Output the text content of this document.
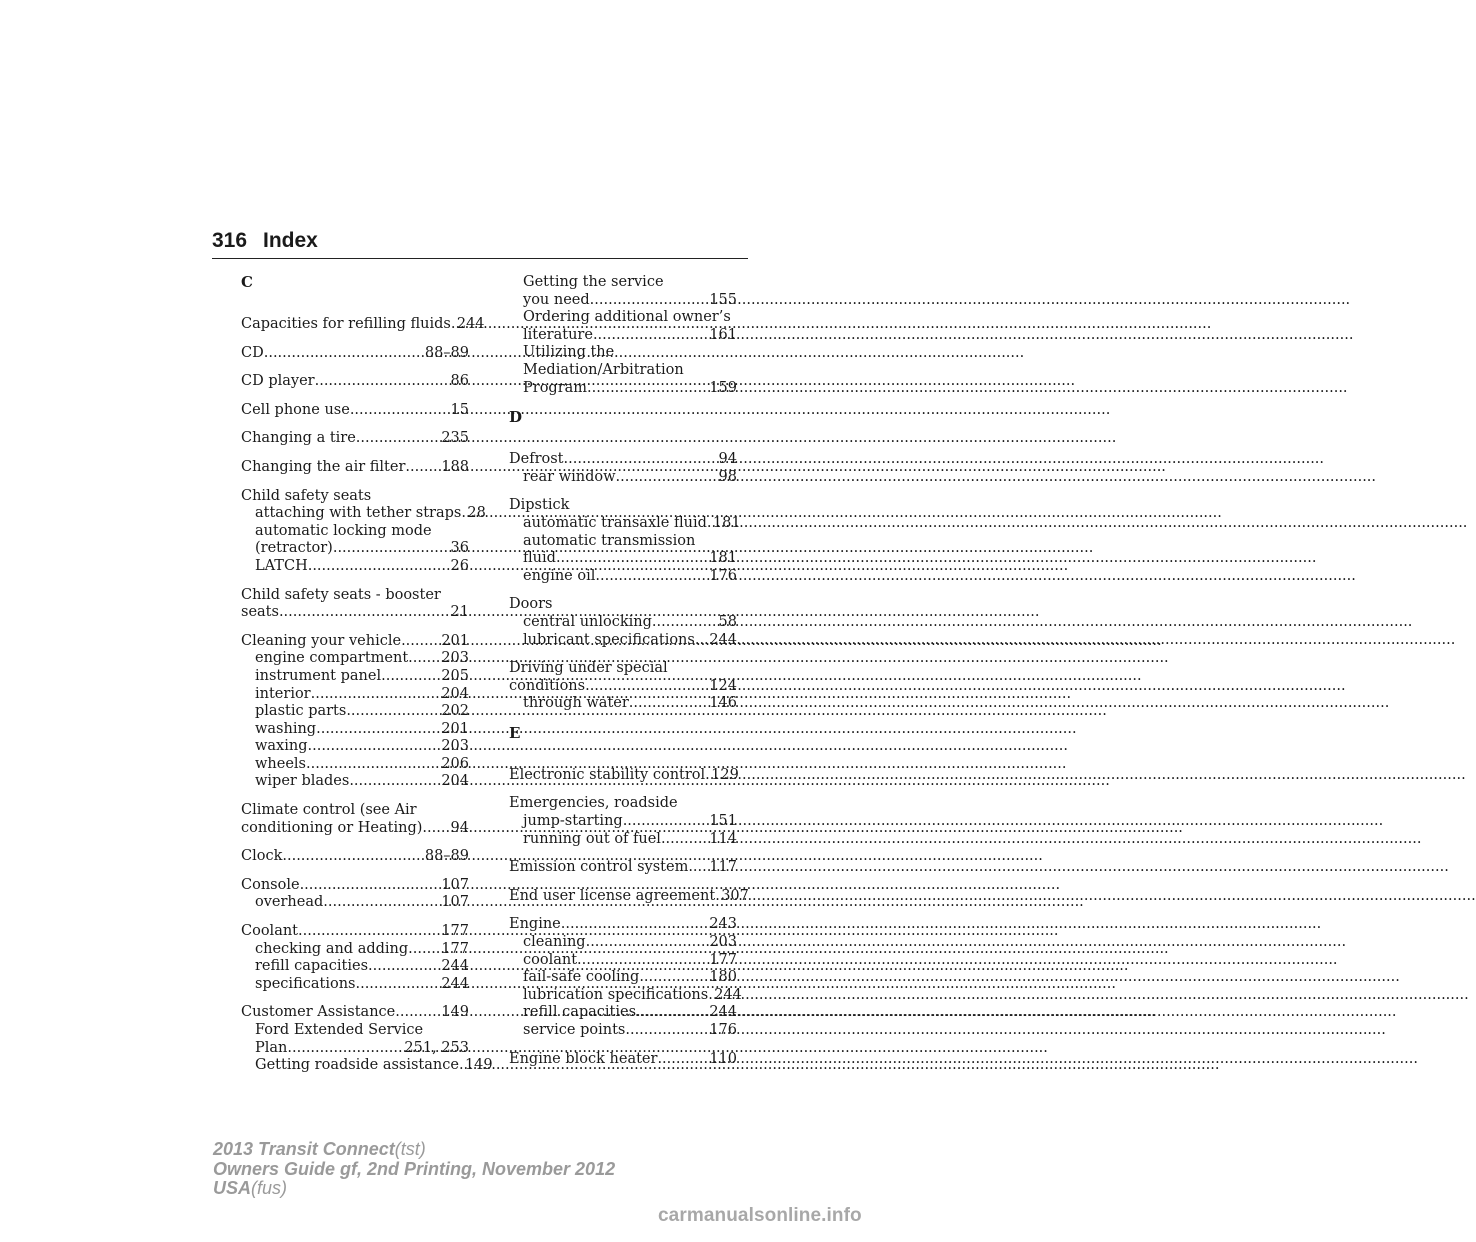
316 Index
C
Capacities for refilling fluids ..... 244
CD .....	88–89
CD player .....	86
Cell phone use .....	15
Changing a tire .....	235
Changing the air filter ..... 188
Child safety seats
attaching with tether straps ..... 28
automatic locking mode
(retractor) .....	36
LATCH .....	26
Child safety seats - booster
seats .....	21
Cleaning your vehicle .....	201
engine compartment ..... 203
instrument panel .....	205
interior .....	204
plastic parts .....	202
washing .....	201
waxing .....	203
wheels .....	206
wiper blades .....	204
Climate control (see Air
conditioning or Heating) ..... 94
Clock .....	88–89
Console .....	107
overhead .....	107
Coolant .....	177
checking and adding ..... 177
refill capacities .....	244
specifications .....	244
Customer Assistance .....	149
Ford Extended Service
Plan .....	251, 253
Getting roadside assistance ..... 149
Getting the service
you need .....	155
Ordering additional owner’s
literature .....	161
Utilizing the
Mediation/Arbitration
Program .....	159
D
Defrost .....	94
rear window .....	98
Dipstick
automatic transaxle fluid ..... 181
automatic transmission
fluid .....	181
engine oil .....	176
Doors
central unlocking .....	58
lubricant specifications ..... 244
Driving under special
conditions .....	124
through water .....	146
E
Electronic stability control ..... 129
Emergencies, roadside
jump-starting .....	151
running out of fuel .....	114
Emission control system ..... 117
End user license agreement ..... 307
Engine .....	243
cleaning .....	203
coolant .....	177
fail-safe cooling .....	180
lubrication specifications ..... 244
refill capacities .....	244
service points .....	176
Engine block heater .....	110
2013 Transit Connect(tst)
Owners Guide gf, 2nd Printing, November 2012
USA(fus)
carmanualsonline.info
